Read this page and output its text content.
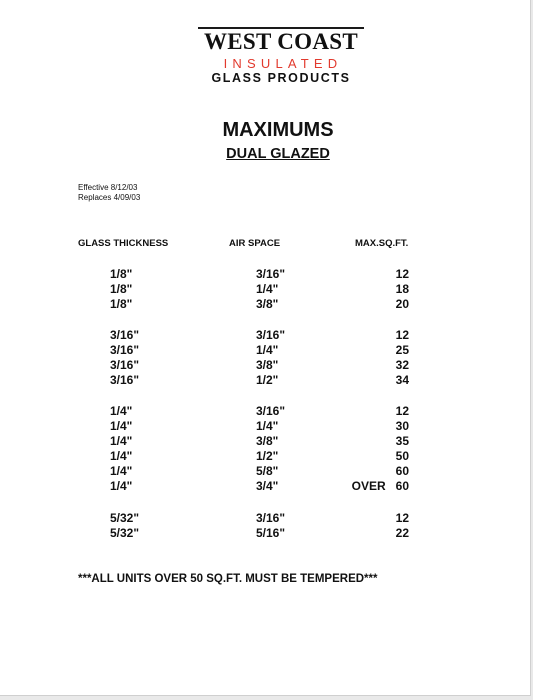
WEST COAST
INSULATED
GLASS PRODUCTS
MAXIMUMS
DUAL GLAZED
Effective 8/12/03
Replaces 4/09/03
GLASS THICKNESS	AIR SPACE	MAX.SQ.FT.
1/8"	3/16"	12
1/8"	1/4"	18
1/8"	3/8"	20
3/16"	3/16"	12
3/16"	1/4"	25
3/16"	3/8"	32
3/16"	1/2"	34
1/4"	3/16"	12
1/4"	1/4"	30
1/4"	3/8"	35
1/4"	1/2"	50
1/4"	5/8"	60
1/4"	3/4"	OVER 60
5/32"	3/16"	12
5/32"	5/16"	22
***ALL UNITS OVER 50 SQ.FT. MUST BE TEMPERED***
